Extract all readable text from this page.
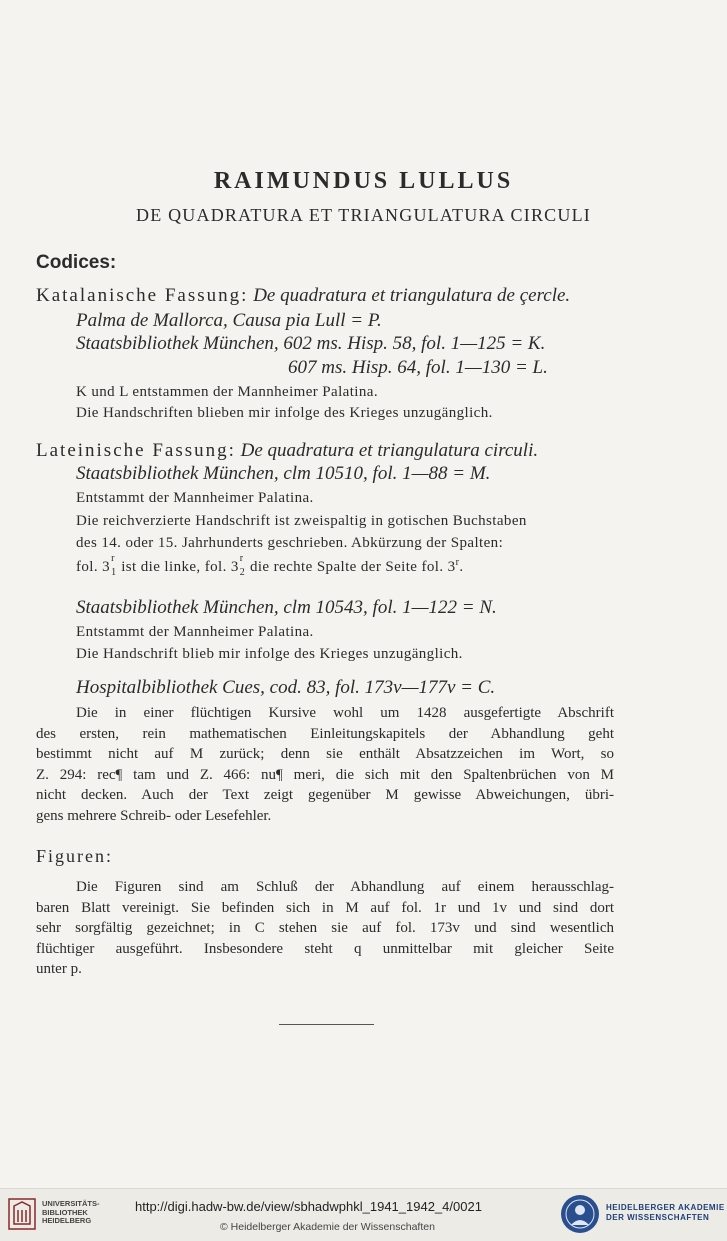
RAIMUNDUS LULLUS
DE QUADRATURA ET TRIANGULATURA CIRCULI
Codices:
Katalanische Fassung: De quadratura et triangulatura de çercle.
Palma de Mallorca, Causa pia Lull = P.
Staatsbibliothek München, 602 ms. Hisp. 58, fol. 1—125 = K.
607 ms. Hisp. 64, fol. 1—130 = L.
K und L entstammen der Mannheimer Palatina.
Die Handschriften blieben mir infolge des Krieges unzugänglich.
Lateinische Fassung: De quadratura et triangulatura circuli.
Staatsbibliothek München, clm 10510, fol. 1—88 = M.
Entstammt der Mannheimer Palatina.
Die reichverzierte Handschrift ist zweispaltig in gotischen Buchstaben
des 14. oder 15. Jahrhunderts geschrieben. Abkürzung der Spalten:
fol. 3
r
1 ist die linke, fol. 3
r
2 die rechte Spalte der Seite fol. 3$^r$.
Staatsbibliothek München, clm 10543, fol. 1—122 = N.
Entstammt der Mannheimer Palatina.
Die Handschrift blieb mir infolge des Krieges unzugänglich.
Hospitalbibliothek Cues, cod. 83, fol. 173v—177v = C.
Die in einer flüchtigen Kursive wohl um 1428 ausgefertigte Abschrift
des ersten, rein mathematischen Einleitungskapitels der Abhandlung geht
bestimmt nicht auf M zurück; denn sie enthält Absatzzeichen im Wort, so
Z. 294: rec¶ tam und Z. 466: nu¶ meri, die sich mit den Spaltenbrüchen von M
nicht decken. Auch der Text zeigt gegenüber M gewisse Abweichungen, übri-
gens mehrere Schreib- oder Lesefehler.
Figuren:
Die Figuren sind am Schluß der Abhandlung auf einem herausschlag-
baren Blatt vereinigt. Sie befinden sich in M auf fol. 1r und 1v und sind dort
sehr sorgfältig gezeichnet; in C stehen sie auf fol. 173v und sind wesentlich
flüchtiger ausgeführt. Insbesondere steht q unmittelbar mit gleicher Seite
unter p.
UNIVERSITÄTS-
BIBLIOTHEK
HEIDELBERG
http://digi.hadw-bw.de/view/sbhadwphkl_1941_1942_4/0021
© Heidelberger Akademie der Wissenschaften
HEIDELBERGER AKADEMIE
DER WISSENSCHAFTEN
